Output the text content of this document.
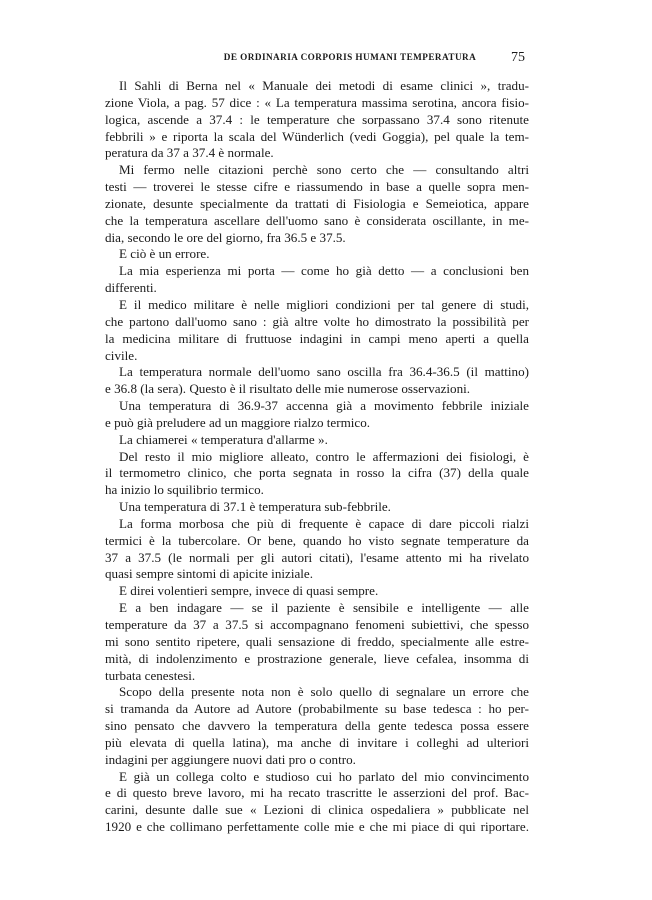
DE ORDINARIA CORPORIS HUMANI TEMPERATURA	75
Il Sahli di Berna nel « Manuale dei metodi di esame clinici », tradu-
zione Viola, a pag. 57 dice : « La temperatura massima serotina, ancora fisio-
logica, ascende a 37.4 : le temperature che sorpassano 37.4 sono ritenute
febbrili » e riporta la scala del Wünderlich (vedi Goggia), pel quale la tem-
peratura da 37 a 37.4 è normale.
Mi fermo nelle citazioni perchè sono certo che — consultando altri
testi — troverei le stesse cifre e riassumendo in base a quelle sopra men-
zionate, desunte specialmente da trattati di Fisiologia e Semeiotica, appare
che la temperatura ascellare dell'uomo sano è considerata oscillante, in me-
dia, secondo le ore del giorno, fra 36.5 e 37.5.
E ciò è un errore.
La mia esperienza mi porta — come ho già detto — a conclusioni ben
differenti.
E il medico militare è nelle migliori condizioni per tal genere di studi,
che partono dall'uomo sano : già altre volte ho dimostrato la possibilità per
la medicina militare di fruttuose indagini in campi meno aperti a quella
civile.
La temperatura normale dell'uomo sano oscilla fra 36.4-36.5 (il mattino)
e 36.8 (la sera). Questo è il risultato delle mie numerose osservazioni.
Una temperatura di 36.9-37 accenna già a movimento febbrile iniziale
e può già preludere ad un maggiore rialzo termico.
La chiamerei « temperatura d'allarme ».
Del resto il mio migliore alleato, contro le affermazioni dei fisiologi, è
il termometro clinico, che porta segnata in rosso la cifra (37) della quale
ha inizio lo squilibrio termico.
Una temperatura di 37.1 è temperatura sub-febbrile.
La forma morbosa che più di frequente è capace di dare piccoli rialzi
termici è la tubercolare. Or bene, quando ho visto segnate temperature da
37 a 37.5 (le normali per gli autori citati), l'esame attento mi ha rivelato
quasi sempre sintomi di apicite iniziale.
E direi volentieri sempre, invece di quasi sempre.
E a ben indagare — se il paziente è sensibile e intelligente — alle
temperature da 37 a 37.5 si accompagnano fenomeni subiettivi, che spesso
mi sono sentito ripetere, quali sensazione di freddo, specialmente alle estre-
mità, di indolenzimento e prostrazione generale, lieve cefalea, insomma di
turbata cenestesi.
Scopo della presente nota non è solo quello di segnalare un errore che
si tramanda da Autore ad Autore (probabilmente su base tedesca : ho per-
sino pensato che davvero la temperatura della gente tedesca possa essere
più elevata di quella latina), ma anche di invitare i colleghi ad ulteriori
indagini per aggiungere nuovi dati pro o contro.
E già un collega colto e studioso cui ho parlato del mio convincimento
e di questo breve lavoro, mi ha recato trascritte le asserzioni del prof. Bac-
carini, desunte dalle sue « Lezioni di clinica ospedaliera » pubblicate nel
1920 e che collimano perfettamente colle mie e che mi piace di qui riportare.
